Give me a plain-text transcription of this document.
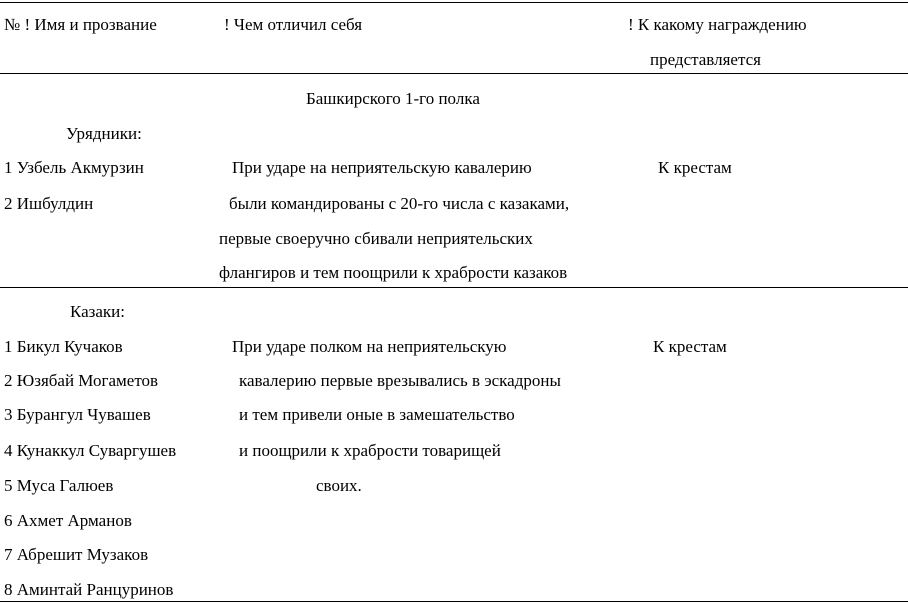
№ ! Имя и прозвание	! Чем отличил себя	! К какому награждению
представляется
Башкирского 1-го полка
Урядники:
1 Узбель Акмурзин
2 Ишбулдин
При ударе на неприятельскую кавалерию
были командированы с 20-го числа с казаками,
первые своеручно сбивали неприятельских
флангиров и тем поощрили к храбрости казаков
К крестам
Казаки:
1 Бикул Кучаков
2 Юзябай Могаметов
3 Бурангул Чувашев
4 Кунаккул Суваргушев
5 Муса Галюев
6 Ахмет Арманов
7 Абрешит Музаков
8 Аминтай Ранцуринов
При ударе полком на неприятельскую
кавалерию первые врезывались в эскадроны
и тем привели оные в замешательство
и поощрили к храбрости товарищей
своих.
К крестам
